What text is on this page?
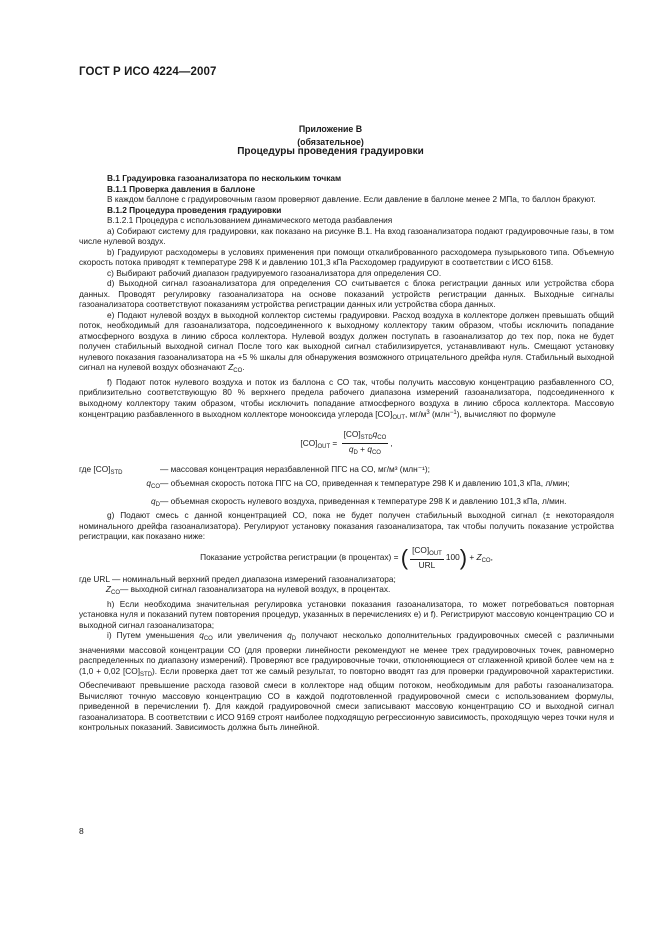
ГОСТ Р ИСО 4224—2007
Приложение В
(обязательное)
Процедуры проведения градуировки

В.1 Градуировка газоанализатора по нескольким точкам

В.1.1 Проверка давления в баллоне

В каждом баллоне с градуировочным газом проверяют давление. Если давление в баллоне менее 2 МПа, то баллон бракуют.

В.1.2 Процедура проведения градуировки

В.1.2.1 Процедура с использованием динамического метода разбавления

а) Собирают систему для градуировки, как показано на рисунке В.1. На вход газоанализатора подают градуировочные газы, в том числе нулевой воздух.

b) Градуируют расходомеры в условиях применения при помощи откалиброванного расходомера пузырькового типа. Объемную скорость потока приводят к температуре 298 К и давлению 101,3 кПа Расходомер градуируют в соответствии с ИСО 6158.

с) Выбирают рабочий диапазон градуируемого газоанализатора для определения СО.

d) Выходной сигнал газоанализатора для определения СО считывается с блока регистрации данных или устройства сбора данных. Проводят регулировку газоанализатора на основе показаний устройств регистрации данных. Выходные сигналы газоанализатора соответствуют показаниям устройства регистрации данных или устройства сбора данных.

е) Подают нулевой воздух в выходной коллектор системы градуировки. Расход воздуха в коллекторе должен превышать общий поток, необходимый для газоанализатора, подсоединенного к выходному коллектору таким образом, чтобы исключить попадание атмосферного воздуха в линию сброса коллектора. Нулевой воздух должен поступать в газоанализатор до тех пор, пока не будет получен стабильный выходной сигнал После того как выходной сигнал стабилизируется, устанавливают нуль. Смещают установку нулевого показания газоанализатора на +5 % шкалы для обнаружения возможного отрицательного дрейфа нуля. Стабильный выходной сигнал на нулевой воздух обозначают $Z_{CO}$.

f) Подают поток нулевого воздуха и поток из баллона с СО так, чтобы получить массовую концентрацию разбавленного СО, приблизительно соответствующую 80 % верхнего предела рабочего диапазона измерений газоанализатора, подсоединенного к выходному коллектору таким образом, чтобы исключить попадание атмосферного воздуха в линию сброса коллектора. Массовую концентрацию разбавленного в выходном коллекторе монооксида углерода $[CO]_{OUT}$, $мг/м^3$ (млн$^{-1}$), вычисляют по формуле

$[CO]_{OUT} = \frac{[CO]_{STD}q_{CO}}{q_D + q_{CO}}$ ,
где $[CO]_{STD}$	— массовая концентрация неразбавленной ПГС на СО, мг/м³ (млн⁻¹);
$q_{CO}$ — объемная скорость потока ПГС на СО, приведенная к температуре 298 К и давлению 101,3 кПа, л/мин;
$q_D$ — объемная скорость нулевого воздуха, приведенная к температуре 298 К и давлению 101,3 кПа, л/мин.

g) Подают смесь с данной концентрацией СО, пока не будет получен стабильный выходной сигнал (± некотораядоля номинального дрейфа газоанализатора). Регулируют установку показания газоанализатора, так чтобы получить показание устройства регистрации, как показано ниже:

Показание устройства регистрации (в процентах) = ( $\frac{[CO]_{OUT}}{\text{URL}} 100) + Z_{CO}$,

где URL — номинальный верхний предел диапазона измерений газоанализатора;

$Z_{CO}$ — выходной сигнал газоанализатора на нулевой воздух, в процентах.

h) Если необходима значительная регулировка установки показания газоанализатора, то может потребоваться повторная установка нуля и показаний путем повторения процедур, указанных в перечислениях е) и f). Регистрируют массовую концентрацию СО и выходной сигнал газоанализатора;

i) Путем уменьшения $q_{CO}$ или увеличения $q_D$ получают несколько дополнительных градуировочных смесей с различными значениями массовой концентрации СО (для проверки линейности рекомендуют не менее трех градуировочных точек, равномерно распределенных по диапазону измерений). Проверяют все градуировочные точки, отклоняющиеся от сглаженной кривой более чем на ± (1,0 + 0,02 $[CO]_{STD}$). Если проверка дает тот же самый результат, то повторно вводят газ для проверки градуировочной характеристики. Обеспечивают превышение расхода газовой смеси в коллекторе над общим потоком, необходимым для работы газоанализатора. Вычисляют точную массовую концентрацию СО в каждой подготовленной градуировочной смеси с использованием формулы, приведенной в перечислении f). Для каждой градуировочной смеси записывают массовую концентрацию СО и выходной сигнал газоанализатора. В соответствии с ИСО 9169 строят наиболее подходящую регрессионную зависимость, проходящую через точки нуля и контрольных показаний. Зависимость должна быть линейной.

8
